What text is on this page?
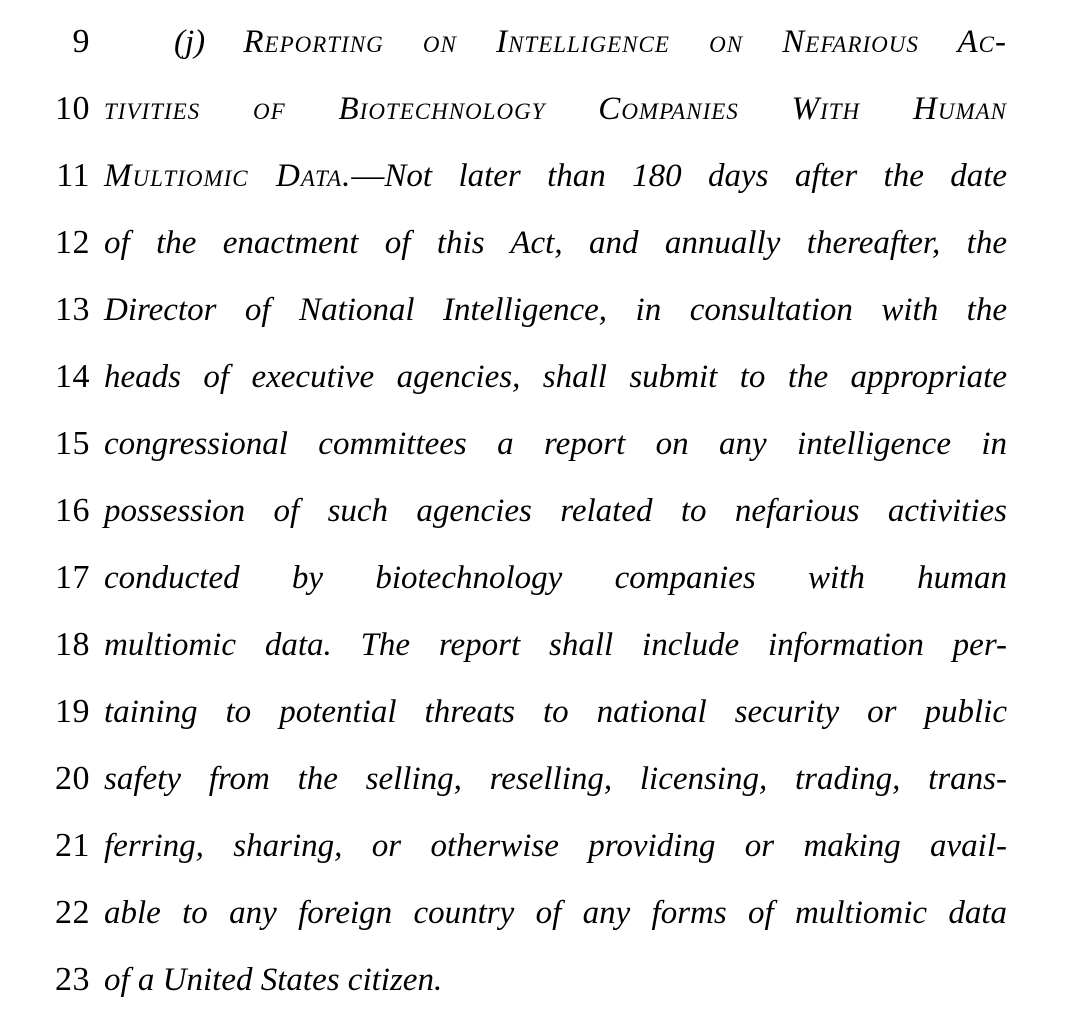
9	(j) Reporting on Intelligence on Nefarious Ac-
10 tivities of Biotechnology Companies With Human
11 Multiomic Data.—Not later than 180 days after the date
12 of the enactment of this Act, and annually thereafter, the
13 Director of National Intelligence, in consultation with the
14 heads of executive agencies, shall submit to the appropriate
15 congressional committees a report on any intelligence in
16 possession of such agencies related to nefarious activities
17 conducted by biotechnology companies with human
18 multiomic data. The report shall include information per-
19 taining to potential threats to national security or public
20 safety from the selling, reselling, licensing, trading, trans-
21 ferring, sharing, or otherwise providing or making avail-
22 able to any foreign country of any forms of multiomic data
23 of a United States citizen.
